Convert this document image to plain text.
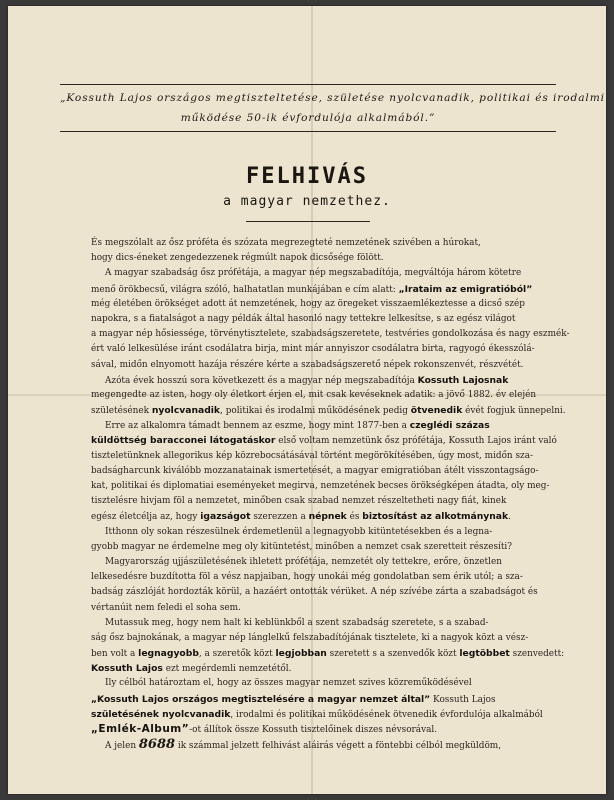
„Kossuth Lajos országos megtiszteltetése, születése nyolcvanadik, politikai és irodalmi
működése 50-ik évfordulója alkalmából.”
FELHIVÁS
a magyar nemzethez.
És megszólalt az ősz próféta és szózata megrezegteté nemzetének szivében a húrokat,
hogy dics-éneket zengedezzenek régmúlt napok dicsősége fölött.
A magyar szabadság ősz prófétája, a magyar nép megszabadítója, megváltója három kötetre
menő örökbecsű, világra szóló, halhatatlan munkájában e cím alatt: „Irataim az emigratióból”
még életében örökséget adott át nemzetének, hogy az öregeket visszaemlékeztesse a dicső szép
napokra, s a fiatalságot a nagy példák által hasonló nagy tettekre lelkesítse, s az egész világot
a magyar nép hősiessége, törvénytisztelete, szabadságszeretete, testvéries gondolkozása és nagy eszmék-
ért való lelkesülése iránt csodálatra birja, mint már annyiszor csodálatra birta, ragyogó ékesszólá-
sával, midőn elnyomott hazája részére kérte a szabadságszerető népek rokonszenvét, részvétét.
Azóta évek hosszú sora következett és a magyar nép megszabadítója Kossuth Lajosnak
megengedte az isten, hogy oly életkort érjen el, mit csak kevéseknek adatik: a jövő 1882. év elején
születésének nyolcvanadik, politikai és irodalmi működésének pedig ötvenedik évét fogjuk ünnepelni.
Erre az alkalomra támadt bennem az eszme, hogy mint 1877-ben a czeglédi százas
küldöttség baracconei látogatáskor első voltam nemzetünk ősz prófétája, Kossuth Lajos iránt való
tiszteletünknek allegorikus kép közrebocsátásával történt megörökítésében, úgy most, midőn sza-
badságharcunk kiválóbb mozzanatainak ismertetését, a magyar emigratióban átélt visszontagságo-
kat, politikai és diplomatiai eseményeket megirva, nemzetének becses örökségképen átadta, oly meg-
tisztelésre hivjam föl a nemzetet, minőben csak szabad nemzet részeltetheti nagy fiát, kinek
egész életcélja az, hogy igazságot szerezzen a népnek és biztosítást az alkotmánynak.
Itthonn oly sokan részesülnek érdemetlenül a legnagyobb kitüntetésekben és a legna-
gyobb magyar ne érdemelne meg oly kitüntetést, minőben a nemzet csak szeretteit részesíti?
Magyarország ujjászületésének ihletett prófétája, nemzetét oly tettekre, erőre, önzetlen
lelkesedésre buzdította föl a vész napjaiban, hogy unokái még gondolatban sem érik utól; a sza-
badság zászlóját hordozták körül, a hazáért ontották vérüket. A nép szívébe zárta a szabadságot és
vértanúit nem feledi el soha sem.
Mutassuk meg, hogy nem halt ki keblünkből a szent szabadság szeretete, s a szabad-
ság ősz bajnokának, a magyar nép lánglelkű felszabadítójának tisztelete, ki a nagyok közt a vész-
ben volt a legnagyobb, a szeretők közt legjobban szeretett s a szenvedők közt legtöbbet szenvedett:
Kossuth Lajos ezt megérdemli nemzetétől.
Ily célból határoztam el, hogy az összes magyar nemzet szives közreműködésével
„Kossuth Lajos országos megtisztelésére a magyar nemzet által” Kossuth Lajos
születésének nyolcvanadik, irodalmi és politikai működésének ötvenedik évfordulója alkalmából
„Emlék-Album”-ot állítok össze Kossuth tisztelőinek diszes névsorával.
A jelen 8688 ik számmal jelzett felhivást aláirás végett a föntebbi célból megküldöm,
